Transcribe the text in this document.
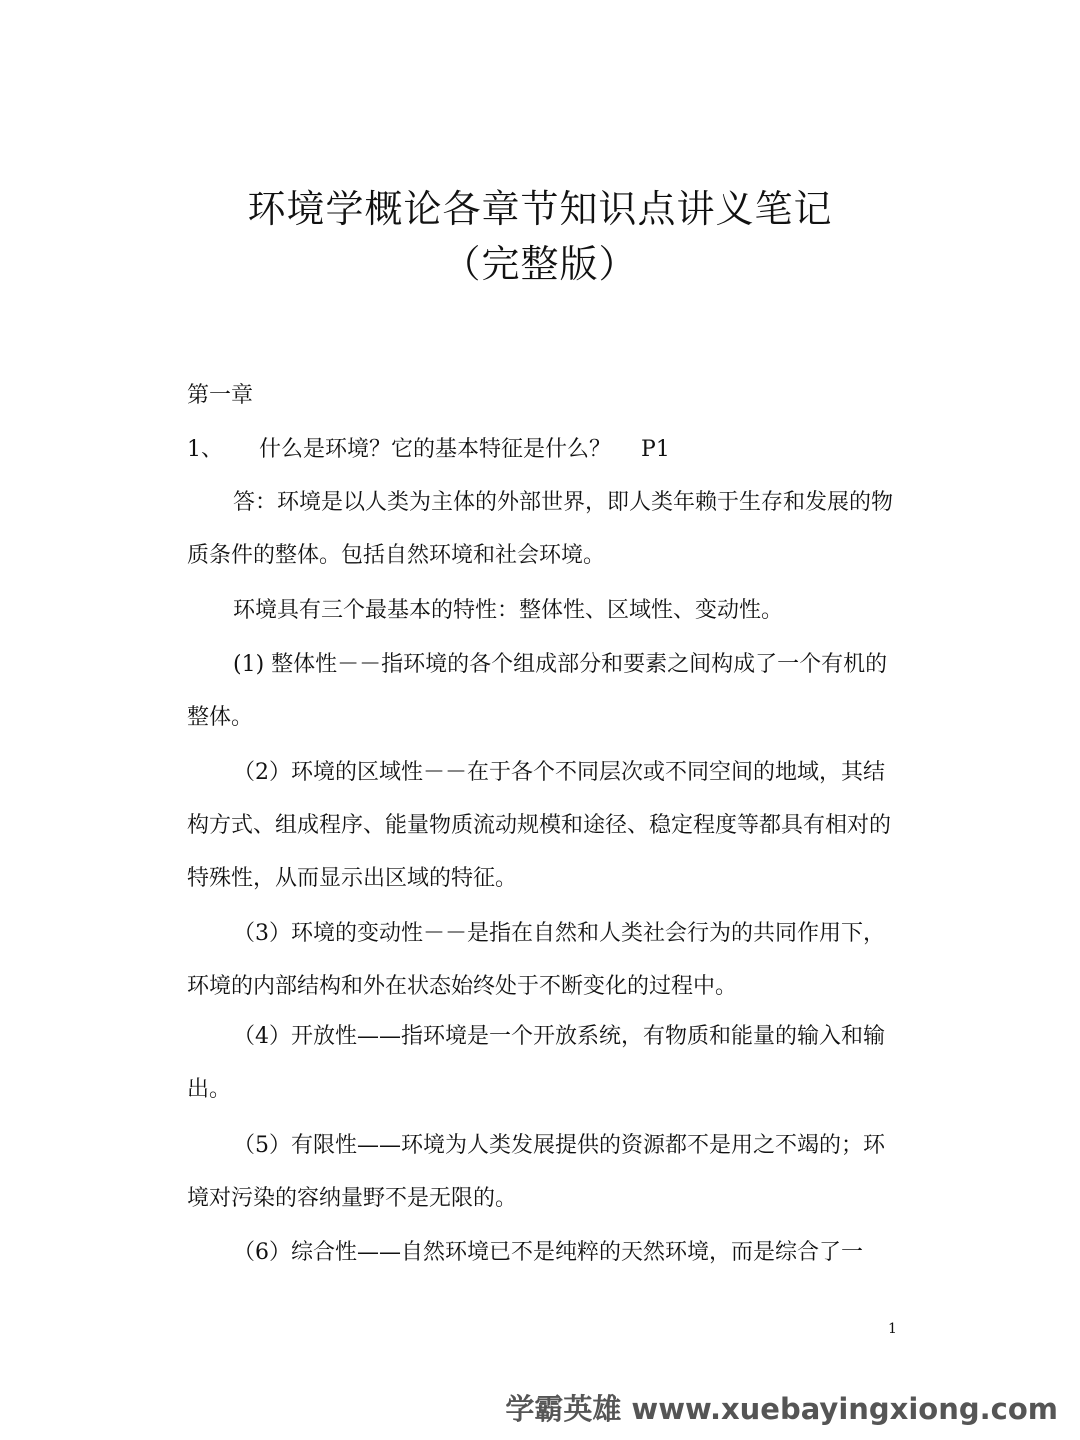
环境学概论各章节知识点讲义笔记
（完整版）
第一章
1、 什么是环境？它的基本特征是什么？ P1

答：环境是以人类为主体的外部世界，即人类年赖于生存和发展的物质条件的整体。包括自然环境和社会环境。

环境具有三个最基本的特性：整体性、区域性、变动性。

(1) 整体性－－指环境的各个组成部分和要素之间构成了一个有机的整体。

（2）环境的区域性－－在于各个不同层次或不同空间的地域，其结构方式、组成程序、能量物质流动规模和途径、稳定程度等都具有相对的特殊性，从而显示出区域的特征。

（3）环境的变动性－－是指在自然和人类社会行为的共同作用下，环境的内部结构和外在状态始终处于不断变化的过程中。

（4）开放性——指环境是一个开放系统，有物质和能量的输入和输出。

（5）有限性——环境为人类发展提供的资源都不是用之不竭的；环境对污染的容纳量野不是无限的。

（6）综合性——自然环境已不是纯粹的天然环境，而是综合了一

1
学霸英雄 www.xuebayingxiong.com
